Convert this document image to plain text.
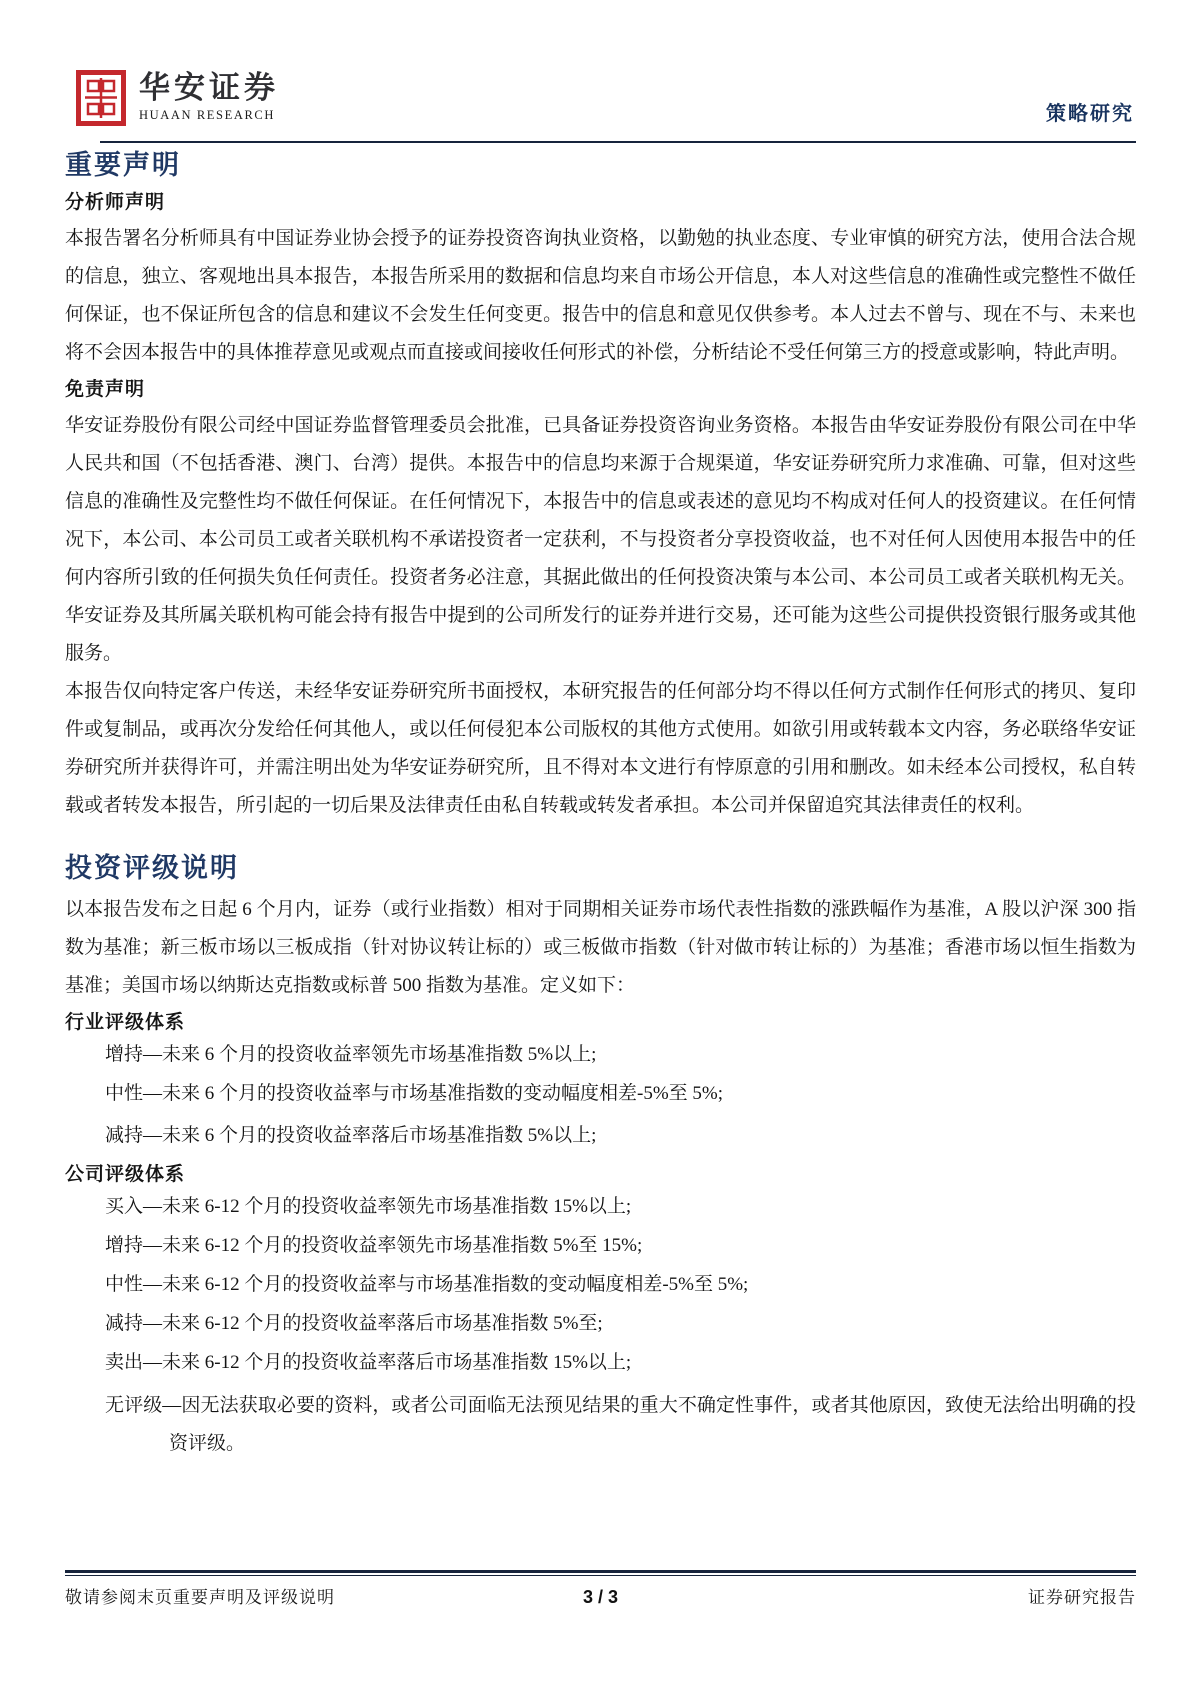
华安证券
HUAAN RESEARCH	策略研究
重要声明
分析师声明

本报告署名分析师具有中国证券业协会授予的证券投资咨询执业资格，以勤勉的执业态度、专业审慎的研究方法，使用合法合规的信息，独立、客观地出具本报告，本报告所采用的数据和信息均来自市场公开信息，本人对这些信息的准确性或完整性不做任何保证，也不保证所包含的信息和建议不会发生任何变更。报告中的信息和意见仅供参考。本人过去不曾与、现在不与、未来也将不会因本报告中的具体推荐意见或观点而直接或间接收任何形式的补偿，分析结论不受任何第三方的授意或影响，特此声明。

免责声明

华安证券股份有限公司经中国证券监督管理委员会批准，已具备证券投资咨询业务资格。本报告由华安证券股份有限公司在中华人民共和国（不包括香港、澳门、台湾）提供。本报告中的信息均来源于合规渠道，华安证券研究所力求准确、可靠，但对这些信息的准确性及完整性均不做任何保证。在任何情况下，本报告中的信息或表述的意见均不构成对任何人的投资建议。在任何情况下，本公司、本公司员工或者关联机构不承诺投资者一定获利，不与投资者分享投资收益，也不对任何人因使用本报告中的任何内容所引致的任何损失负任何责任。投资者务必注意，其据此做出的任何投资决策与本公司、本公司员工或者关联机构无关。华安证券及其所属关联机构可能会持有报告中提到的公司所发行的证券并进行交易，还可能为这些公司提供投资银行服务或其他服务。

本报告仅向特定客户传送，未经华安证券研究所书面授权，本研究报告的任何部分均不得以任何方式制作任何形式的拷贝、复印件或复制品，或再次分发给任何其他人，或以任何侵犯本公司版权的其他方式使用。如欲引用或转载本文内容，务必联络华安证券研究所并获得许可，并需注明出处为华安证券研究所，且不得对本文进行有悖原意的引用和删改。如未经本公司授权，私自转载或者转发本报告，所引起的一切后果及法律责任由私自转载或转发者承担。本公司并保留追究其法律责任的权利。

投资评级说明

以本报告发布之日起 6 个月内，证券（或行业指数）相对于同期相关证券市场代表性指数的涨跌幅作为基准，A 股以沪深 300 指数为基准；新三板市场以三板成指（针对协议转让标的）或三板做市指数（针对做市转让标的）为基准；香港市场以恒生指数为基准；美国市场以纳斯达克指数或标普 500 指数为基准。定义如下：

行业评级体系
增持—未来 6 个月的投资收益率领先市场基准指数 5%以上;
中性—未来 6 个月的投资收益率与市场基准指数的变动幅度相差-5%至 5%;
减持—未来 6 个月的投资收益率落后市场基准指数 5%以上;
公司评级体系
买入—未来 6-12 个月的投资收益率领先市场基准指数 15%以上;
增持—未来 6-12 个月的投资收益率领先市场基准指数 5%至 15%;
中性—未来 6-12 个月的投资收益率与市场基准指数的变动幅度相差-5%至 5%;
减持—未来 6-12 个月的投资收益率落后市场基准指数 5%至;
卖出—未来 6-12 个月的投资收益率落后市场基准指数 15%以上;
无评级—因无法获取必要的资料，或者公司面临无法预见结果的重大不确定性事件，或者其他原因，致使无法给出明确的投资评级。
敬请参阅末页重要声明及评级说明	3 / 3	证券研究报告
